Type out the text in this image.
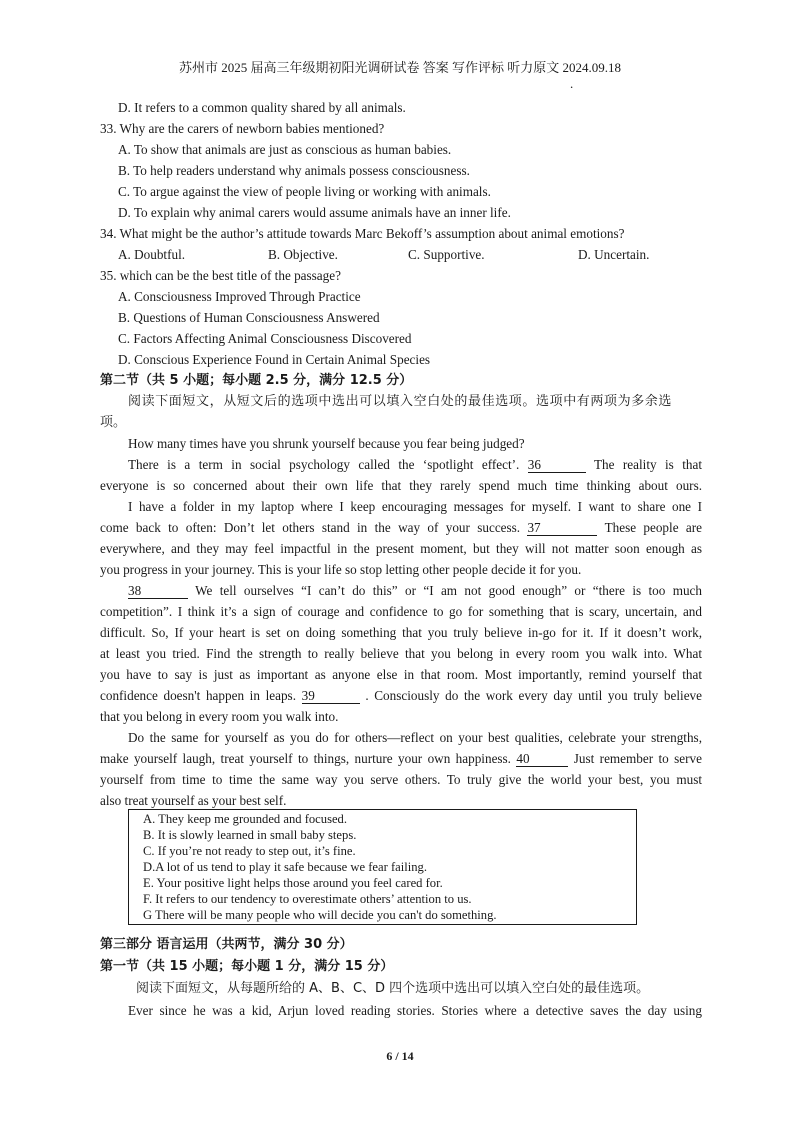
苏州市 2025 届高三年级期初阳光调研试卷 答案 写作评标 听力原文 2024.09.18
.
D. It refers to a common quality shared by all animals.
33. Why are the carers of newborn babies mentioned?
A. To show that animals are just as conscious as human babies.
B. To help readers understand why animals possess consciousness.
C. To argue against the view of people living or working with animals.
D. To explain why animal carers would assume animals have an inner life.
34. What might be the author’s attitude towards Marc Bekoff’s assumption about animal emotions?
A. Doubtful.	B. Objective.	C. Supportive.	D. Uncertain.
35. which can be the best title of the passage?
A. Consciousness Improved Through Practice
B. Questions of Human Consciousness Answered
C. Factors Affecting Animal Consciousness Discovered
D. Conscious Experience Found in Certain Animal Species
第二节（共 5 小题；每小题 2.5 分，满分 12.5 分）
阅读下面短文，从短文后的选项中选出可以填入空白处的最佳选项。选项中有两项为多余选
项。
How many times have you shrunk yourself because you fear being judged?
There is a term in social psychology called the ‘spotlight effect’. 36	The reality is that
everyone is so concerned about their own life that they rarely spend much time thinking about ours.
I have a folder in my laptop where I keep encouraging messages for myself. I want to share one I
come back to often: Don’t let others stand in the way of your success. 37	These people are
everywhere, and they may feel impactful in the present moment, but they will not matter soon enough as
you progress in your journey. This is your life so stop letting other people decide it for you.
38	We tell ourselves “I can’t do this” or “I am not good enough” or “there is too much
competition”. I think it’s a sign of courage and confidence to go for something that is scary, uncertain, and
difficult. So, If your heart is set on doing something that you truly believe in-go for it. If it doesn’t work,
at least you tried. Find the strength to really believe that you belong in every room you walk into. What
you have to say is just as important as anyone else in that room. Most importantly, remind yourself that
confidence doesn't happen in leaps. 39	. Consciously do the work every day until you truly believe
that you belong in every room you walk into.
Do the same for yourself as you do for others—reflect on your best qualities, celebrate your strengths,
make yourself laugh, treat yourself to things, nurture your own happiness. 40	Just remember to serve
yourself from time to time the same way you serve others. To truly give the world your best, you must
also treat yourself as your best self.
A. They keep me grounded and focused.
B. It is slowly learned in small baby steps.
C. If you’re not ready to step out, it’s fine.
D.A lot of us tend to play it safe because we fear failing.
E. Your positive light helps those around you feel cared for.
F. It refers to our tendency to overestimate others’ attention to us.
G There will be many people who will decide you can't do something.
第三部分 语言运用（共两节，满分 30 分）
第一节（共 15 小题；每小题 1 分，满分 15 分）
阅读下面短文，从每题所给的 A、B、C、D 四个选项中选出可以填入空白处的最佳选项。
Ever since he was a kid, Arjun loved reading stories. Stories where a detective saves the day using
6 / 14
